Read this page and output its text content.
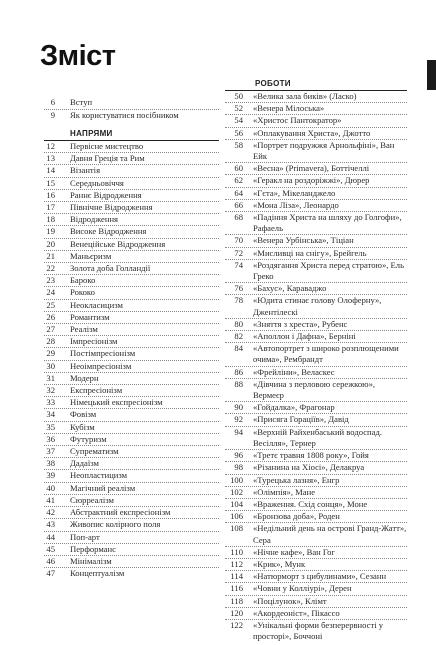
Зміст
6 Вступ
9 Як користуватися посібником
НАПРЯМИ
12 Первісне мистецтво
13 Давня Греція та Рим
14 Візантія
15 Середньовіччя
16 Раннє Відродження
17 Північне Відродження
18 Відродження
19 Високе Відродження
20 Венеційське Відродження
21 Маньєризм
22 Золота доба Голландії
23 Бароко
24 Рококо
25 Неокласицизм
26 Романтизм
27 Реалізм
28 Імпресіонізм
29 Постімпресіонізм
30 Неоімпресіонізм
31 Модерн
32 Експресіонізм
33 Німецький експресіонізм
34 Фовізм
35 Кубізм
36 Футуризм
37 Супрематизм
38 Дадаїзм
39 Неопластицизм
40 Магічний реалізм
41 Сюрреалізм
42 Абстрактний експресіонізм
43 Живопис колірного поля
44 Поп-арт
45 Перформанс
46 Мінімалізм
47 Концептуалізм
РОБОТИ
50 «Велика зала биків» (Ласко)
52 «Венера Мілоська»
54 «Христос Пантократор»
56 «Оплакування Христа», Джотто
58 «Портрет подружжя Арнольфіні», Ван Ейк
60 «Весна» (Primavera), Боттічеллі
62 «Геракл на роздоріжжі», Дюрер
64 «Гєта», Мікеланджело
66 «Мона Ліза», Леонардо
68 «Падіння Христа на шляху до Голгофи», Рафаель
70 «Венера Урбінська», Тіціан
72 «Мисливці на снігу», Брейгель
74 «Роздягання Христа перед стратою», Ель Греко
76 «Бахус», Караваджо
78 «Юдита стинає голову Олоферну», Джентілескі
80 «Зняття з хреста», Рубенс
82 «Аполлон і Дафна», Берніні
84 «Автопортрет з широко розплющеними очима», Рембрандт
86 «Фрейліни», Веласкес
88 «Дівчина з перловою сережкою», Вермеєр
90 «Гойдалка», Фрагонар
92 «Присяга Гораціїв», Давід
94 «Верхній Райхенбаський водоспад. Весілля», Тернер
96 «Третє травня 1808 року», Гойя
98 «Різанина на Хіосі», Делакруа
100 «Турецька лазня», Енгр
102 «Олімпія», Мане
104 «Враження. Схід сонця», Моне
106 «Бронзова доба», Роден
108 «Недільний день на острові Гранд-Жатт», Сера
110 «Нічне кафе», Ван Гог
112 «Крик», Мунк
114 «Натюрморт з цибулинами», Сезанн
116 «Човни у Колліурі», Дерен
118 «Поцілунок», Клімт
120 «Акордеоніст», Пікассо
122 «Унікальні форми безперервності у просторі», Боччоні
